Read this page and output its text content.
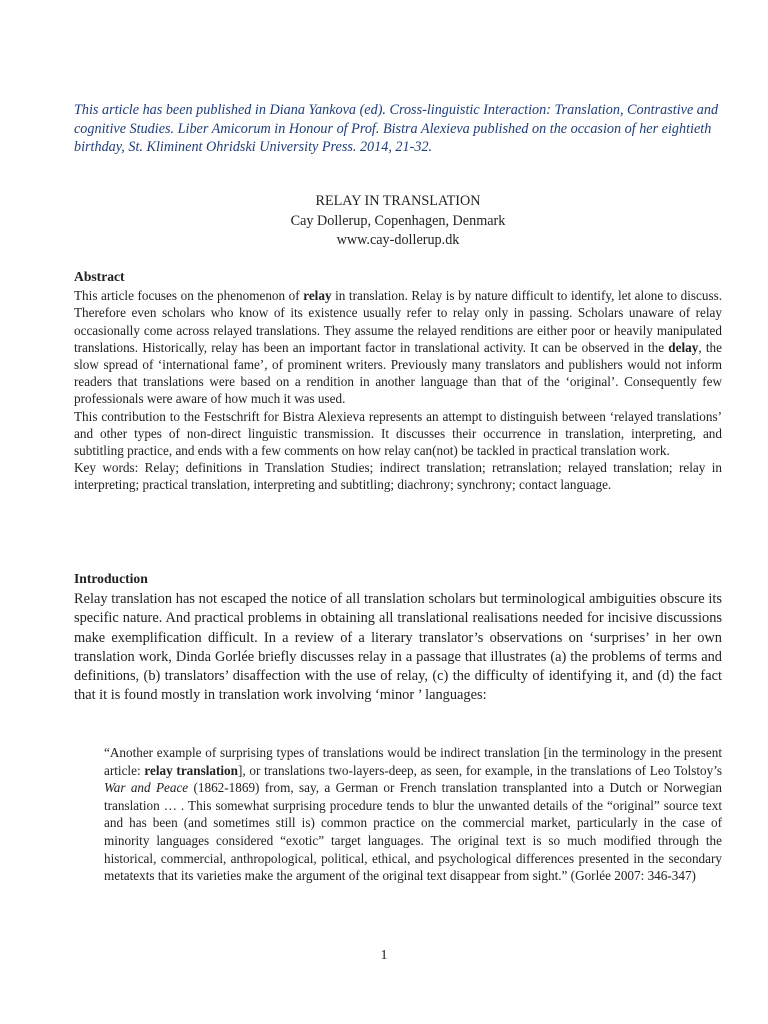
This article has been published in Diana Yankova (ed). Cross-linguistic Interaction: Translation, Contrastive and cognitive Studies. Liber Amicorum in Honour of Prof. Bistra Alexieva published on the occasion of her eightieth birthday, St. Kliminent Ohridski University Press. 2014, 21-32.
RELAY IN TRANSLATION
Cay Dollerup, Copenhagen, Denmark
www.cay-dollerup.dk
Abstract

This article focuses on the phenomenon of relay in translation. Relay is by nature difficult to identify, let alone to discuss. Therefore even scholars who know of its existence usually refer to relay only in passing. Scholars unaware of relay occasionally come across relayed translations. They assume the relayed renditions are either poor or heavily manipulated translations. Historically, relay has been an important factor in translational activity. It can be observed in the delay, the slow spread of ‘international fame’, of prominent writers. Previously many translators and publishers would not inform readers that translations were based on a rendition in another language than that of the ‘original’. Consequently few professionals were aware of how much it was used.

This contribution to the Festschrift for Bistra Alexieva represents an attempt to distinguish between ‘relayed translations’ and other types of non-direct linguistic transmission. It discusses their occurrence in translation, interpreting, and subtitling practice, and ends with a few comments on how relay can(not) be tackled in practical translation work.

Key words: Relay; definitions in Translation Studies; indirect translation; retranslation; relayed translation; relay in interpreting; practical translation, interpreting and subtitling; diachrony; synchrony; contact language.

Introduction

Relay translation has not escaped the notice of all translation scholars but terminological ambiguities obscure its specific nature. And practical problems in obtaining all translational realisations needed for incisive discussions make exemplification difficult. In a review of a literary translator’s observations on ‘surprises’ in her own translation work, Dinda Gorlée briefly discusses relay in a passage that illustrates (a) the problems of terms and definitions, (b) translators’ disaffection with the use of relay, (c) the difficulty of identifying it, and (d) the fact that it is found mostly in translation work involving ‘minor ’ languages:

“Another example of surprising types of translations would be indirect translation [in the terminology in the present article: relay translation], or translations two-layers-deep, as seen, for example, in the translations of Leo Tolstoy’s War and Peace (1862-1869) from, say, a German or French translation transplanted into a Dutch or Norwegian translation … . This somewhat surprising procedure tends to blur the unwanted details of the “original” source text and has been (and sometimes still is) common practice on the commercial market, particularly in the case of minority languages considered “exotic” target languages. The original text is so much modified through the historical, commercial, anthropological, political, ethical, and psychological differences presented in the secondary metatexts that its varieties make the argument of the original text disappear from sight.” (Gorlée 2007: 346-347)

1
